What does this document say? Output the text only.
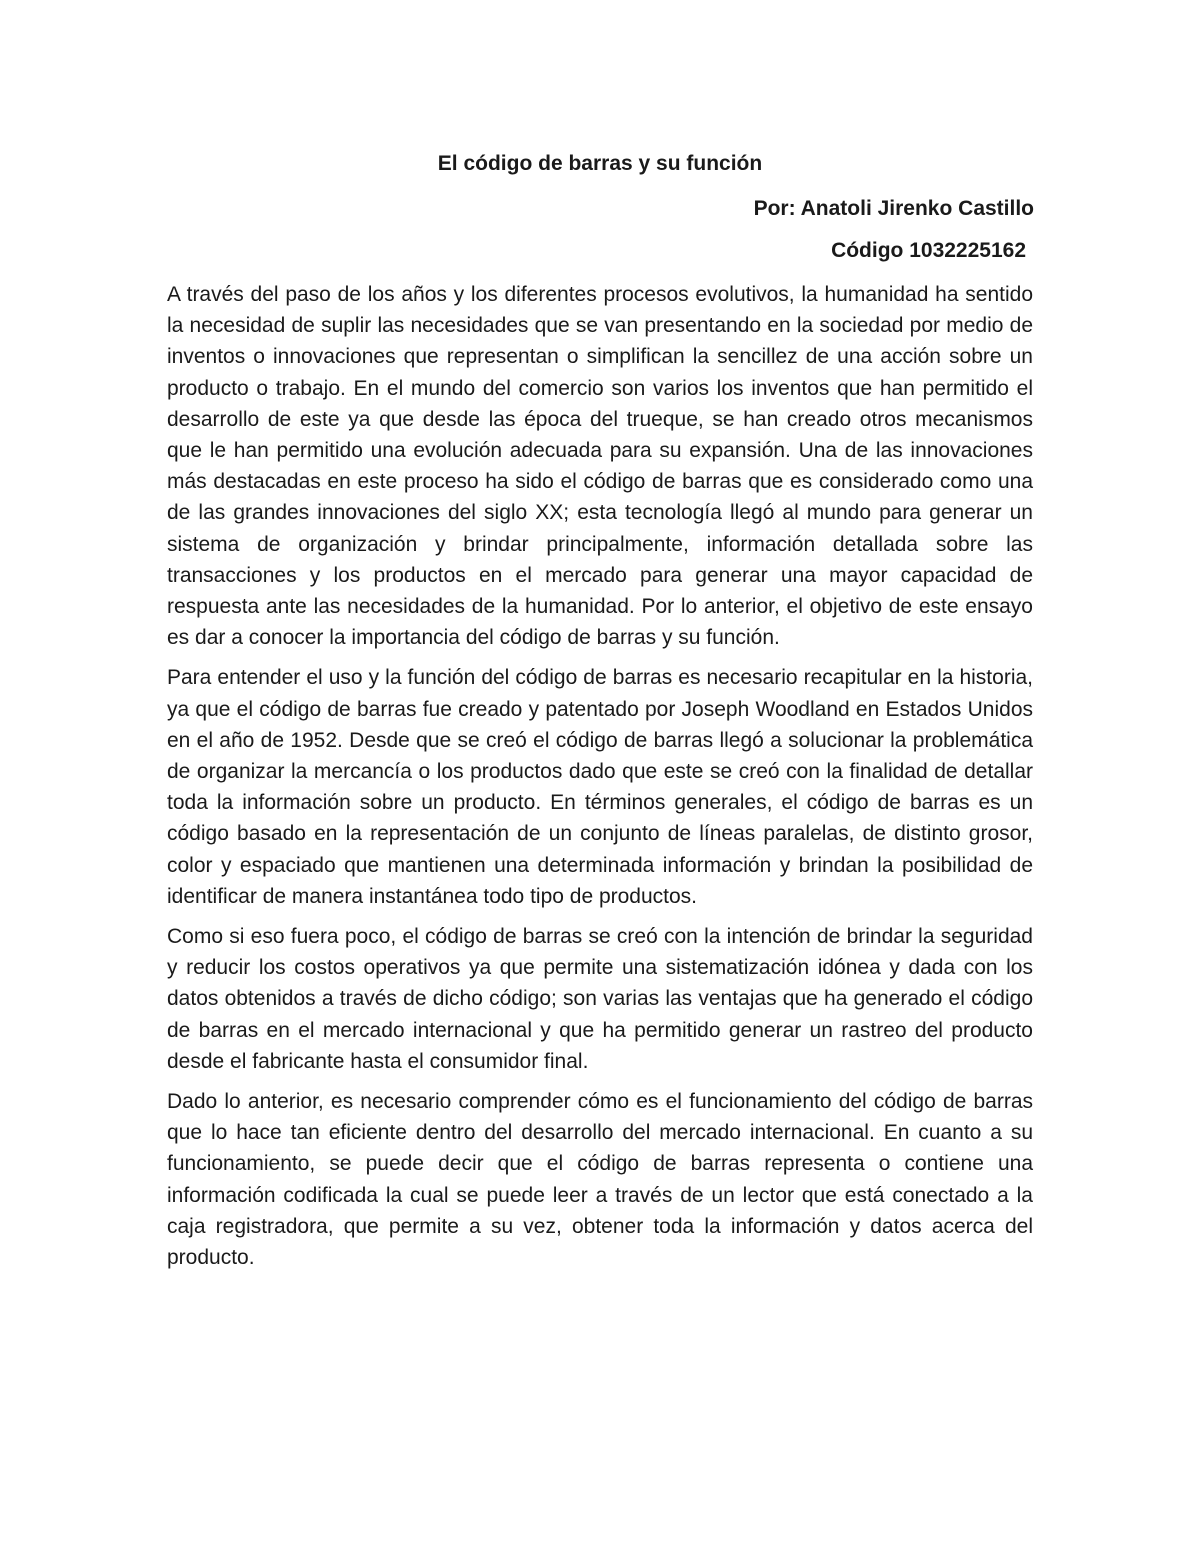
El código de barras y su función
Por: Anatoli Jirenko Castillo
Código 1032225162

A través del paso de los años y los diferentes procesos evolutivos, la humanidad ha sentido la necesidad de suplir las necesidades que se van presentando en la sociedad por medio de inventos o innovaciones que representan o simplifican la sencillez de una acción sobre un producto o trabajo. En el mundo del comercio son varios los inventos que han permitido el desarrollo de este ya que desde las época del trueque, se han creado otros mecanismos que le han permitido una evolución adecuada para su expansión. Una de las innovaciones más destacadas en este proceso ha sido el código de barras que es considerado como una de las grandes innovaciones del siglo XX; esta tecnología llegó al mundo para generar un sistema de organización y brindar principalmente, información detallada sobre las transacciones y los productos en el mercado para generar una mayor capacidad de respuesta ante las necesidades de la humanidad. Por lo anterior, el objetivo de este ensayo es dar a conocer la importancia del código de barras y su función.

Para entender el uso y la función del código de barras es necesario recapitular en la historia, ya que el código de barras fue creado y patentado por Joseph Woodland en Estados Unidos en el año de 1952. Desde que se creó el código de barras llegó a solucionar la problemática de organizar la mercancía o los productos dado que este se creó con la finalidad de detallar toda la información sobre un producto. En términos generales, el código de barras es un código basado en la representación de un conjunto de líneas paralelas, de distinto grosor, color y espaciado que mantienen una determinada información y brindan la posibilidad de identificar de manera instantánea todo tipo de productos.

Como si eso fuera poco, el código de barras se creó con la intención de brindar la seguridad y reducir los costos operativos ya que permite una sistematización idónea y dada con los datos obtenidos a través de dicho código; son varias las ventajas que ha generado el código de barras en el mercado internacional y que ha permitido generar un rastreo del producto desde el fabricante hasta el consumidor final.

Dado lo anterior, es necesario comprender cómo es el funcionamiento del código de barras que lo hace tan eficiente dentro del desarrollo del mercado internacional. En cuanto a su funcionamiento, se puede decir que el código de barras representa o contiene una información codificada la cual se puede leer a través de un lector que está conectado a la caja registradora, que permite a su vez, obtener toda la información y datos acerca del producto.
